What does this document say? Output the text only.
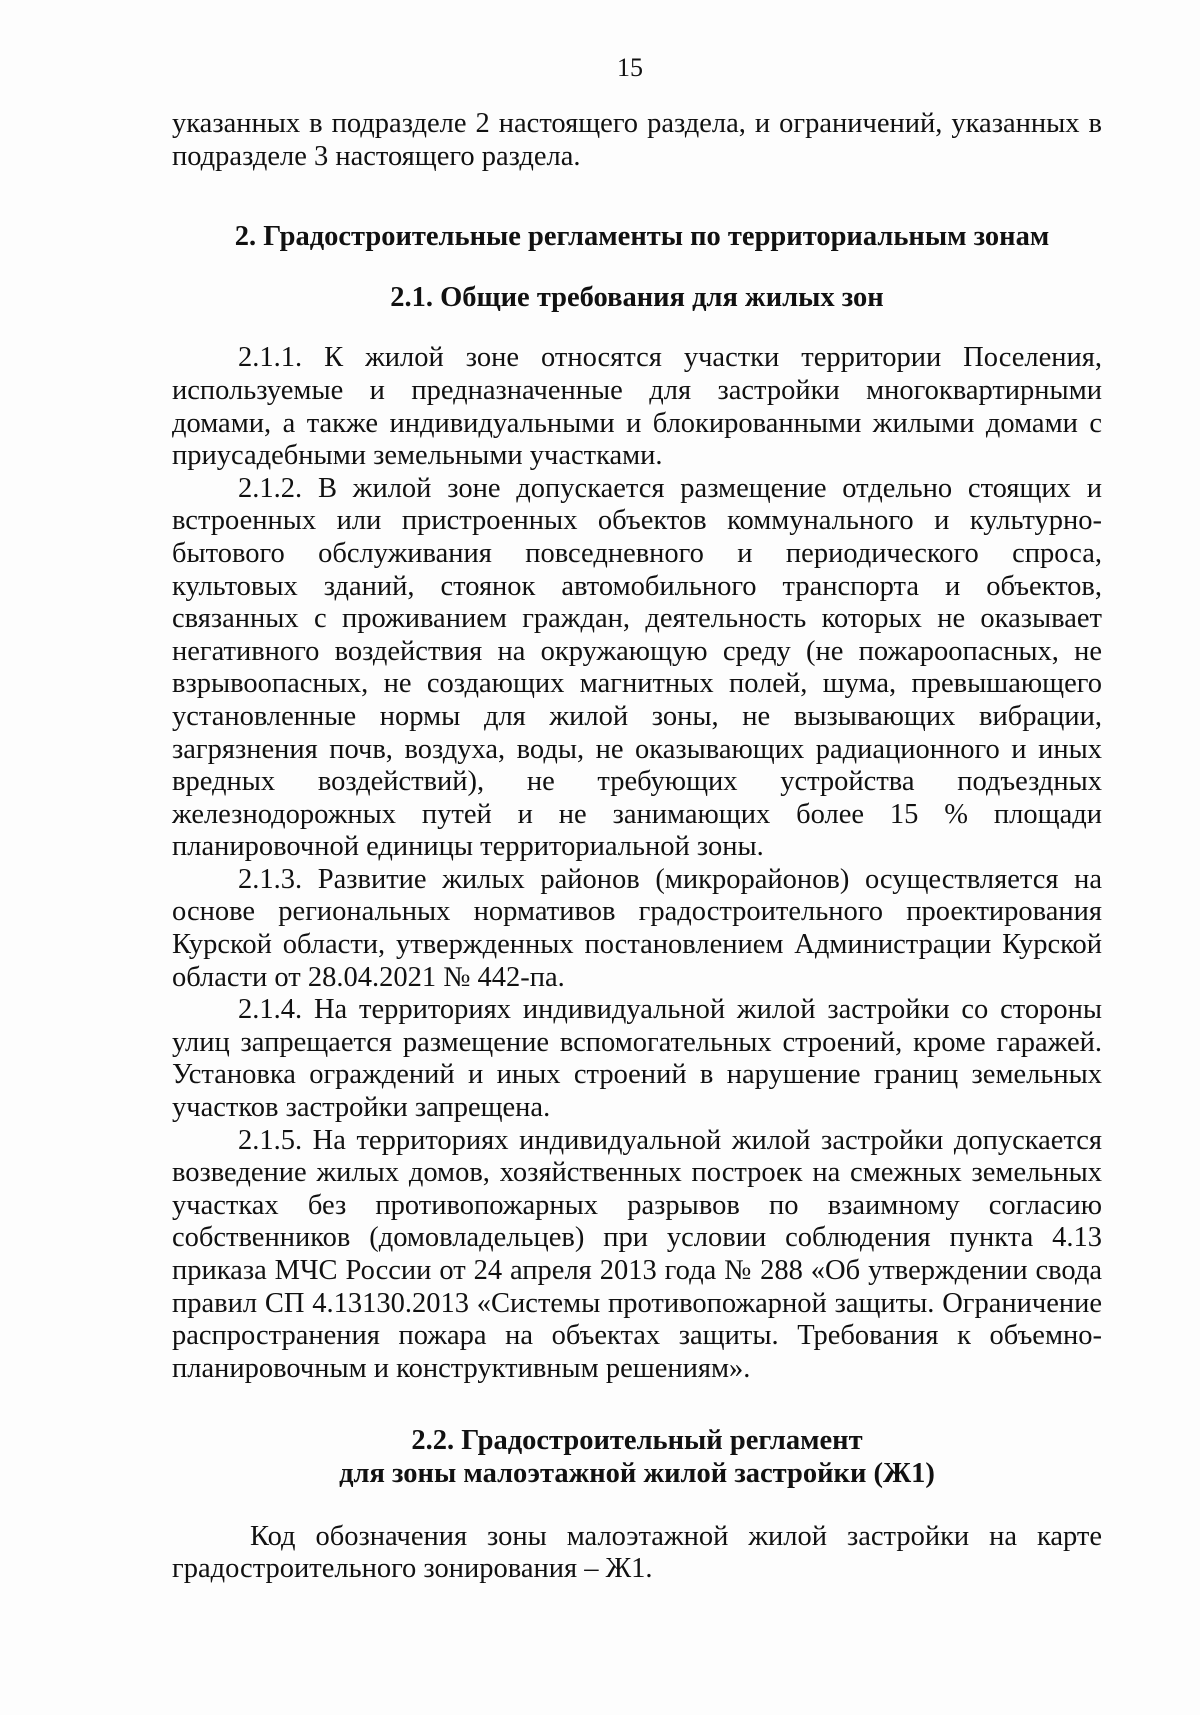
15

указанных в подразделе 2 настоящего раздела, и ограничений, указанных в подразделе 3 настоящего раздела.

2. Градостроительные регламенты по территориальным зонам
2.1. Общие требования для жилых зон

2.1.1. К жилой зоне относятся участки территории Поселения, используемые и предназначенные для застройки многоквартирными домами, а также индивидуальными и блокированными жилыми домами с приусадебными земельными участками.

2.1.2. В жилой зоне допускается размещение отдельно стоящих и встроенных или пристроенных объектов коммунального и культурно-бытового обслуживания повседневного и периодического спроса, культовых зданий, стоянок автомобильного транспорта и объектов, связанных с проживанием граждан, деятельность которых не оказывает негативного воздействия на окружающую среду (не пожароопасных, не взрывоопасных, не создающих магнитных полей, шума, превышающего установленные нормы для жилой зоны, не вызывающих вибрации, загрязнения почв, воздуха, воды, не оказывающих радиационного и иных вредных воздействий), не требующих устройства подъездных железнодорожных путей и не занимающих более 15 % площади планировочной единицы территориальной зоны.

2.1.3. Развитие жилых районов (микрорайонов) осуществляется на основе региональных нормативов градостроительного проектирования Курской области, утвержденных постановлением Администрации Курской области от 28.04.2021 № 442-па.

2.1.4. На территориях индивидуальной жилой застройки со стороны улиц запрещается размещение вспомогательных строений, кроме гаражей. Установка ограждений и иных строений в нарушение границ земельных участков застройки запрещена.

2.1.5. На территориях индивидуальной жилой застройки допускается возведение жилых домов, хозяйственных построек на смежных земельных участках без противопожарных разрывов по взаимному согласию собственников (домовладельцев) при условии соблюдения пункта 4.13 приказа МЧС России от 24 апреля 2013 года № 288 «Об утверждении свода правил СП 4.13130.2013 «Системы противопожарной защиты. Ограничение распространения пожара на объектах защиты. Требования к объемно- планировочным и конструктивным решениям».

2.2. Градостроительный регламент
для зоны малоэтажной жилой застройки (Ж1)

Код обозначения зоны малоэтажной жилой застройки на карте градостроительного зонирования – Ж1.
